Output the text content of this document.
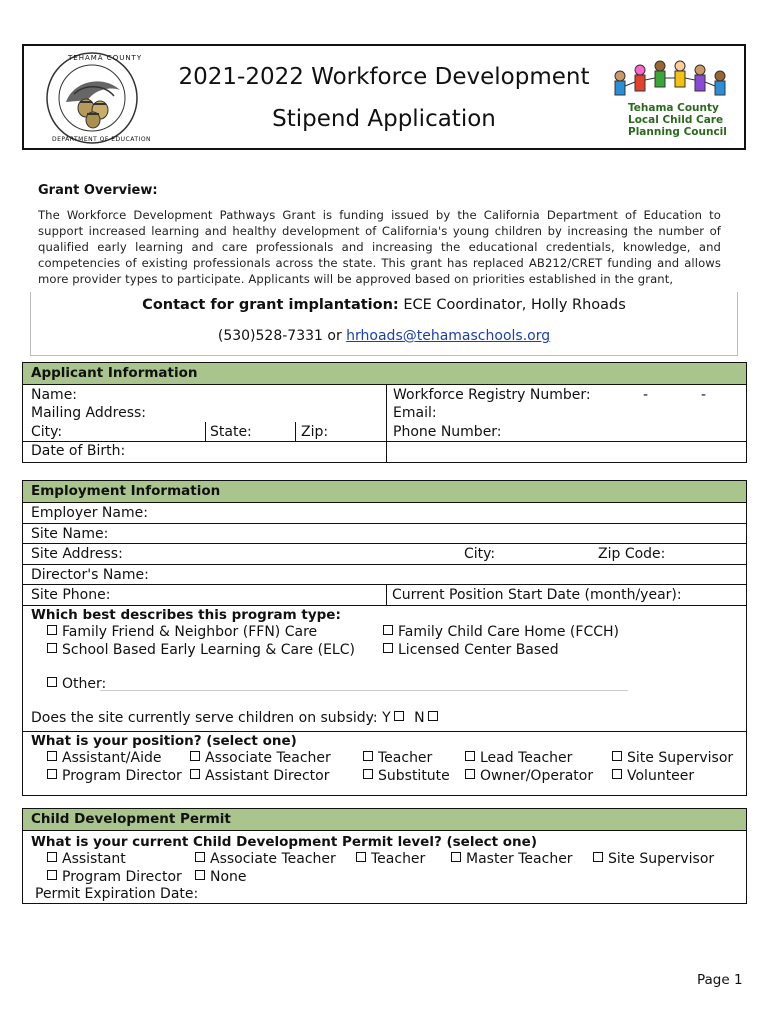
TEHAMA COUNTY
DEPARTMENT OF EDUCATION
2021-2022 Workforce Development
Stipend Application	Tehama County
Local Child Care
Planning Council
Grant Overview:
The Workforce Development Pathways Grant is funding issued by the California Department of Education to support increased learning and healthy development of California's young children by increasing the number of qualified early learning and care professionals and increasing the educational credentials, knowledge, and competencies of existing professionals across the state. This grant has replaced AB212/CRET funding and allows more provider types to participate. Applicants will be approved based on priorities established in the grant,
Contact for grant implantation: ECE Coordinator, Holly Rhoads
(530)528-7331 or hrhoads@tehamaschools.org
Applicant Information
Name:
Mailing Address:
City:	State:	Zip:
Date of Birth:
Workforce Registry Number:	-	-
Email:
Phone Number:
Employment Information
Employer Name:
Site Name:
Site Address:	City:	Zip Code:
Director's Name:
Site Phone:	Current Position Start Date (month/year):
Which best describes this program type:
Family Friend & Neighbor (FFN) Care
School Based Early Learning & Care (ELC)
Family Child Care Home (FCCH)
Licensed Center Based
Other:
Does the site currently serve children on subsidy: Y N
What is your position? (select one)
Assistant/Aide
Program Director
Associate Teacher
Assistant Director
Teacher
Substitute
Lead Teacher
Owner/Operator
Site Supervisor
Volunteer
Child Development Permit
What is your current Child Development Permit level? (select one)
Assistant	Associate Teacher	Teacher	Master Teacher	Site Supervisor
Program Director	None
Permit Expiration Date:
Page 1
